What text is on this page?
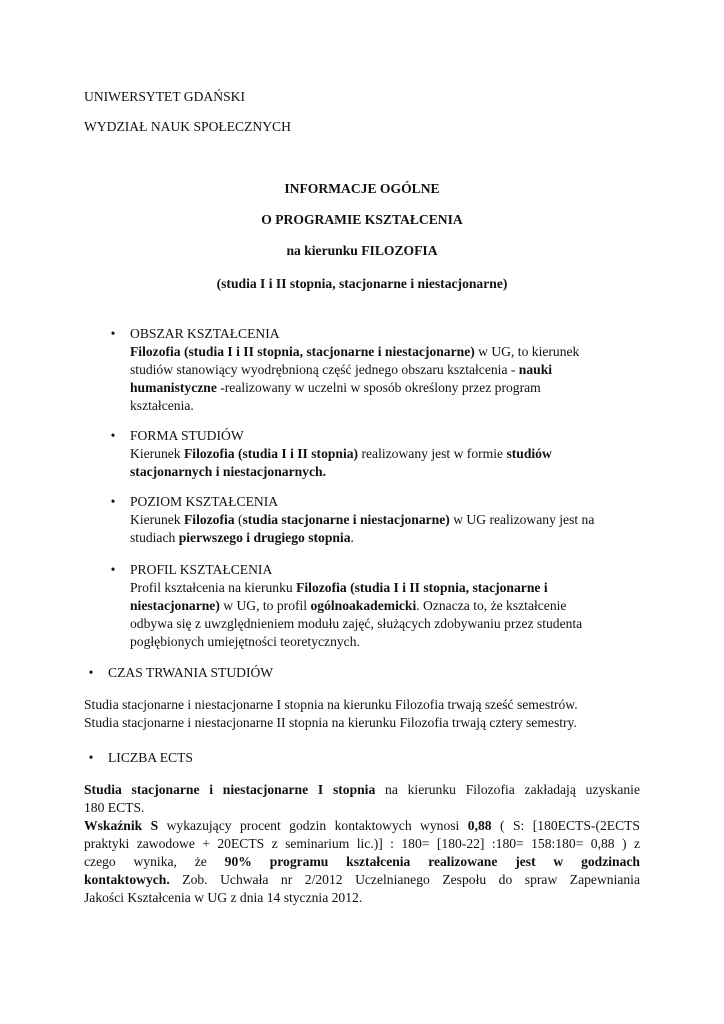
UNIWERSYTET GDAŃSKI

WYDZIAŁ NAUK SPOŁECZNYCH

INFORMACJE OGÓLNE

O PROGRAMIE KSZTAŁCENIA

na kierunku FILOZOFIA

(studia I i II stopnia, stacjonarne i niestacjonarne)

• OBSZAR KSZTAŁCENIA

Filozofia (studia I i II stopnia, stacjonarne i niestacjonarne) w UG, to kierunek
studiów stanowiący wyodrębnioną część jednego obszaru kształcenia - nauki
humanistyczne -realizowany w uczelni w sposób określony przez program
kształcenia.

• FORMA STUDIÓW

Kierunek Filozofia (studia I i II stopnia) realizowany jest w formie studiów
stacjonarnych i niestacjonarnych.

• POZIOM KSZTAŁCENIA

Kierunek Filozofia (studia stacjonarne i niestacjonarne) w UG realizowany jest na
studiach pierwszego i drugiego stopnia.

• PROFIL KSZTAŁCENIA

Profil kształcenia na kierunku Filozofia (studia I i II stopnia, stacjonarne i
niestacjonarne) w UG, to profil ogólnoakademicki. Oznacza to, że kształcenie
odbywa się z uwzględnieniem modułu zajęć, służących zdobywaniu przez studenta
pogłębionych umiejętności teoretycznych.

• CZAS TRWANIA STUDIÓW

Studia stacjonarne i niestacjonarne I stopnia na kierunku Filozofia trwają sześć semestrów.

Studia stacjonarne i niestacjonarne II stopnia na kierunku Filozofia trwają cztery semestry.

• LICZBA ECTS

Studia stacjonarne i niestacjonarne I stopnia na kierunku Filozofia zakładają uzyskanie
180 ECTS.
Wskaźnik S wykazujący procent godzin kontaktowych wynosi 0,88 ( S: [180ECTS-(2ECTS
praktyki zawodowe + 20ECTS z seminarium lic.)] : 180= [180-22] :180= 158:180= 0,88 ) z
czego wynika, że 90% programu kształcenia realizowane jest w godzinach
kontaktowych. Zob. Uchwała nr 2/2012 Uczelnianego Zespołu do spraw Zapewniania
Jakości Kształcenia w UG z dnia 14 stycznia 2012.
